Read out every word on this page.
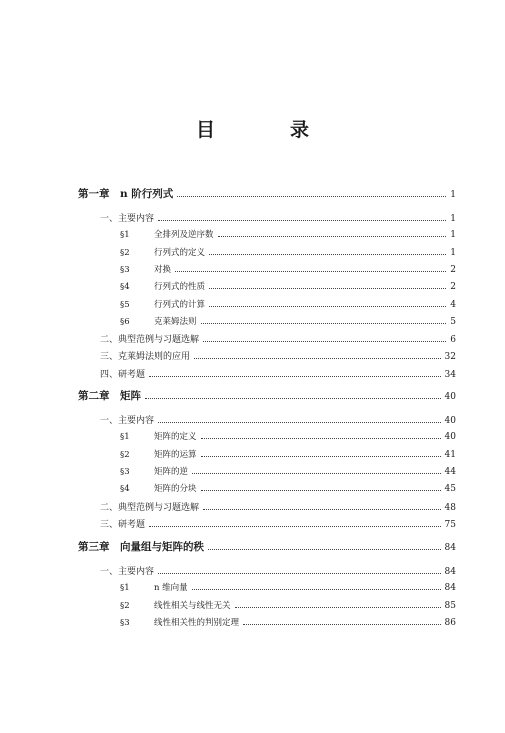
目　录
第一章　n 阶行列式	1
一、主要内容	1
§1	全排列及逆序数	1
§2	行列式的定义	1
§3	对换	2
§4	行列式的性质	2
§5	行列式的计算	4
§6	克莱姆法则	5
二、典型范例与习题选解	6
三、克莱姆法则的应用	32
四、研考题	34
第二章　矩阵	40
一、主要内容	40
§1	矩阵的定义	40
§2	矩阵的运算	41
§3	矩阵的逆	44
§4	矩阵的分块	45
二、典型范例与习题选解	48
三、研考题	75
第三章　向量组与矩阵的秩	84
一、主要内容	84
§1	n 维向量	84
§2	线性相关与线性无关	85
§3	线性相关性的判别定理	86
